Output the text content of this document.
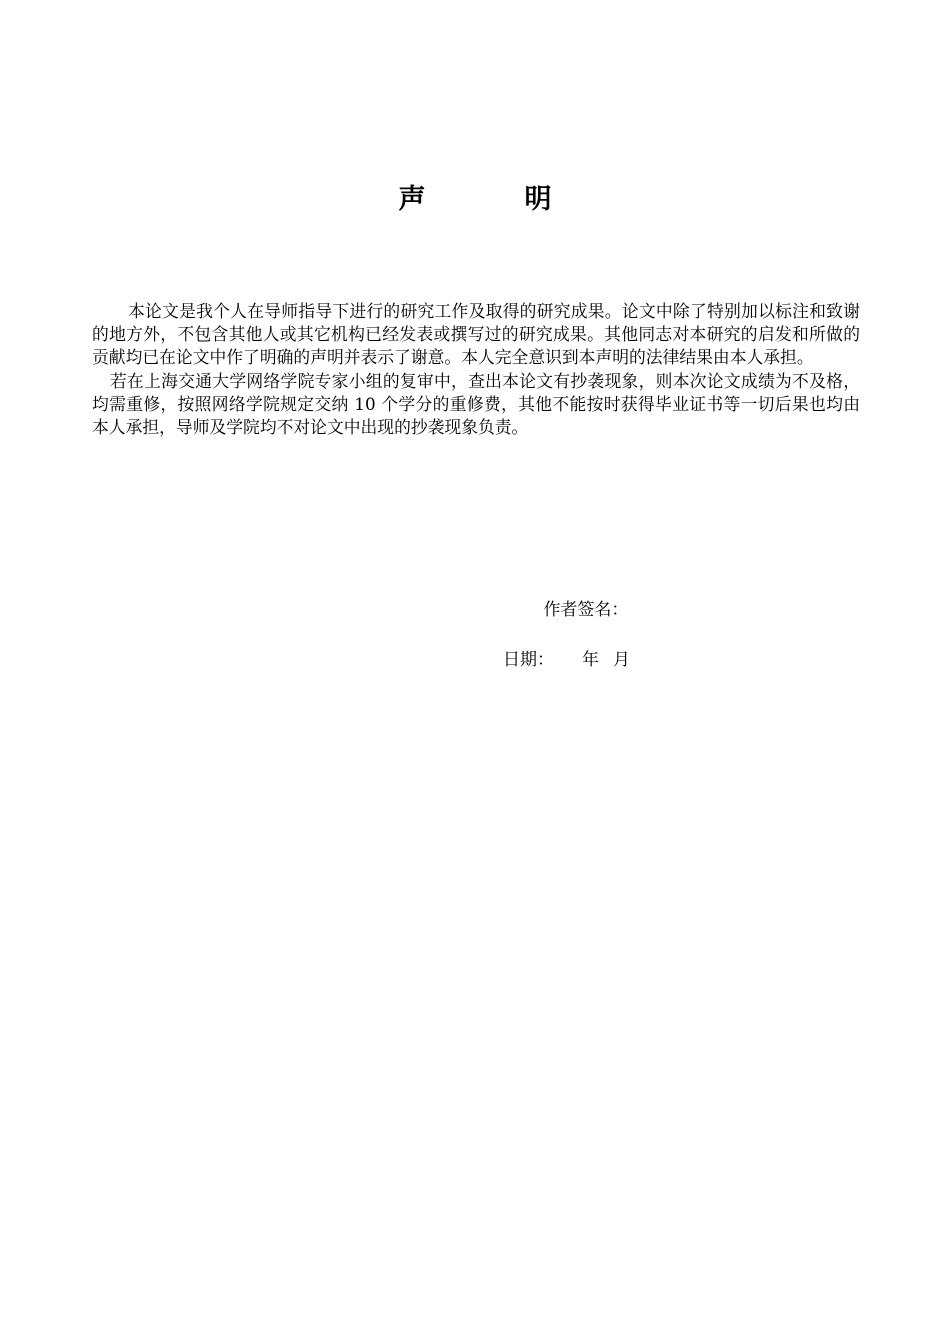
声　明

本论文是我个人在导师指导下进行的研究工作及取得的研究成果。论文中除了特别加以标注和致谢的地方外，不包含其他人或其它机构已经发表或撰写过的研究成果。其他同志对本研究的启发和所做的贡献均已在论文中作了明确的声明并表示了谢意。本人完全意识到本声明的法律结果由本人承担。

若在上海交通大学网络学院专家小组的复审中，查出本论文有抄袭现象，则本次论文成绩为不及格，均需重修，按照网络学院规定交纳 10 个学分的重修费，其他不能按时获得毕业证书等一切后果也均由本人承担，导师及学院均不对论文中出现的抄袭现象负责。

作者签名：

日期： 年 月
